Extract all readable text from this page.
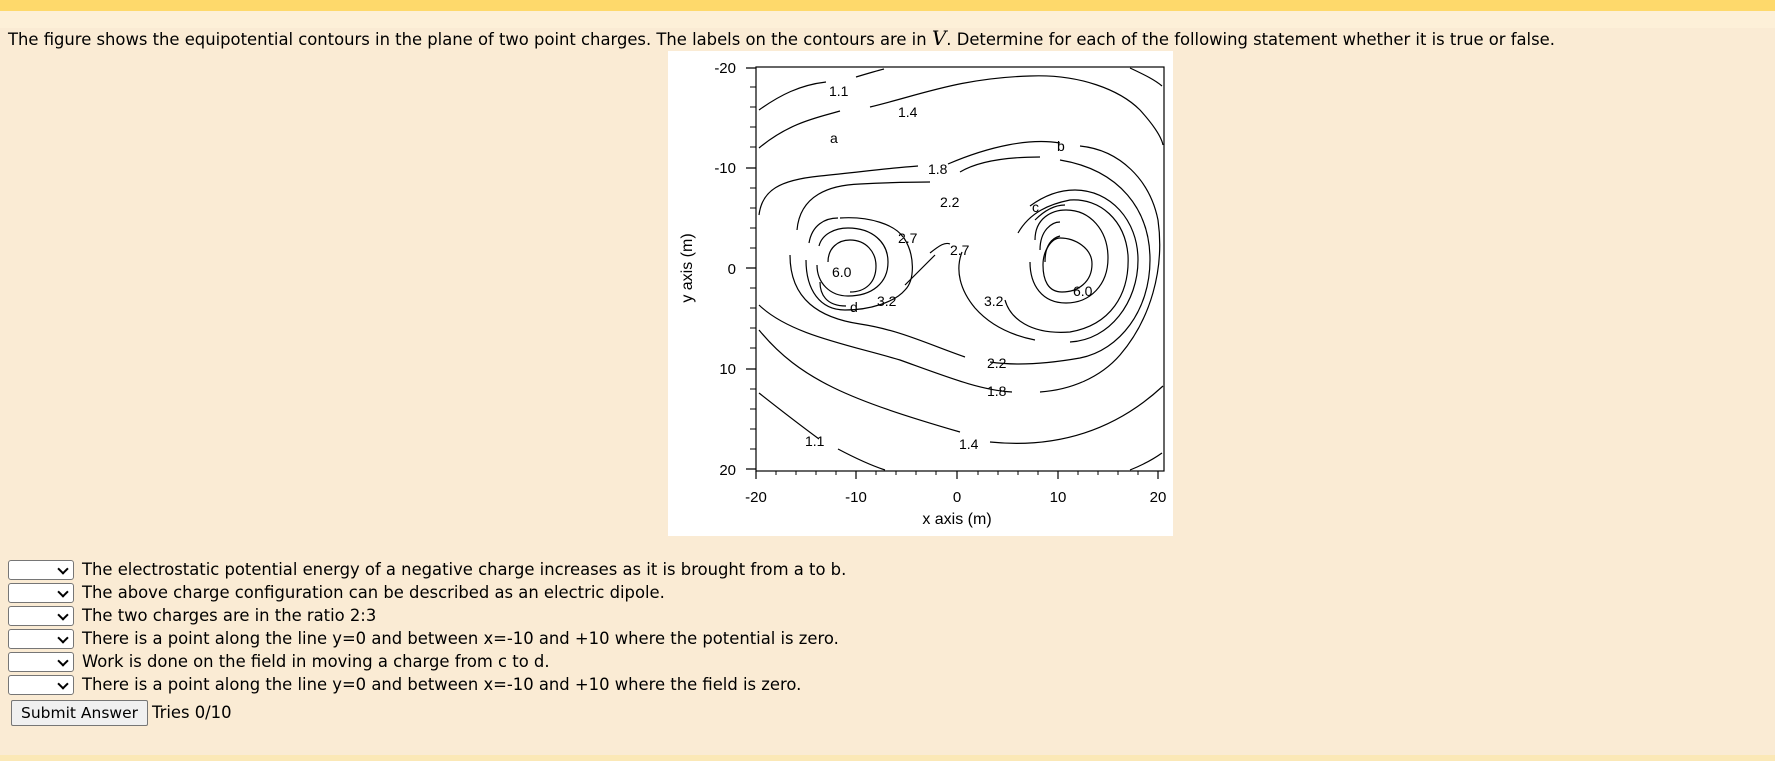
The figure shows the equipotential contours in the plane of two point charges. The labels on the contours are in V. Determine for each of the following statement whether it is true or false.
-20	-10	0	10	20
-20
-10
0
10
20
x axis (m)
y axis (m)
1.1
1.4
1.8
2.2
2.7
2.7
6.0
3.2	3.2
6.0
2.2
1.8
1.1	1.4
a	b
c
d
The electrostatic potential energy of a negative charge increases as it is brought from a to b.
The above charge configuration can be described as an electric dipole.
The two charges are in the ratio 2:3
There is a point along the line y=0 and between x=-10 and +10 where the potential is zero.
Work is done on the field in moving a charge from c to d.
There is a point along the line y=0 and between x=-10 and +10 where the field is zero.
Submit Answer Tries 0/10
